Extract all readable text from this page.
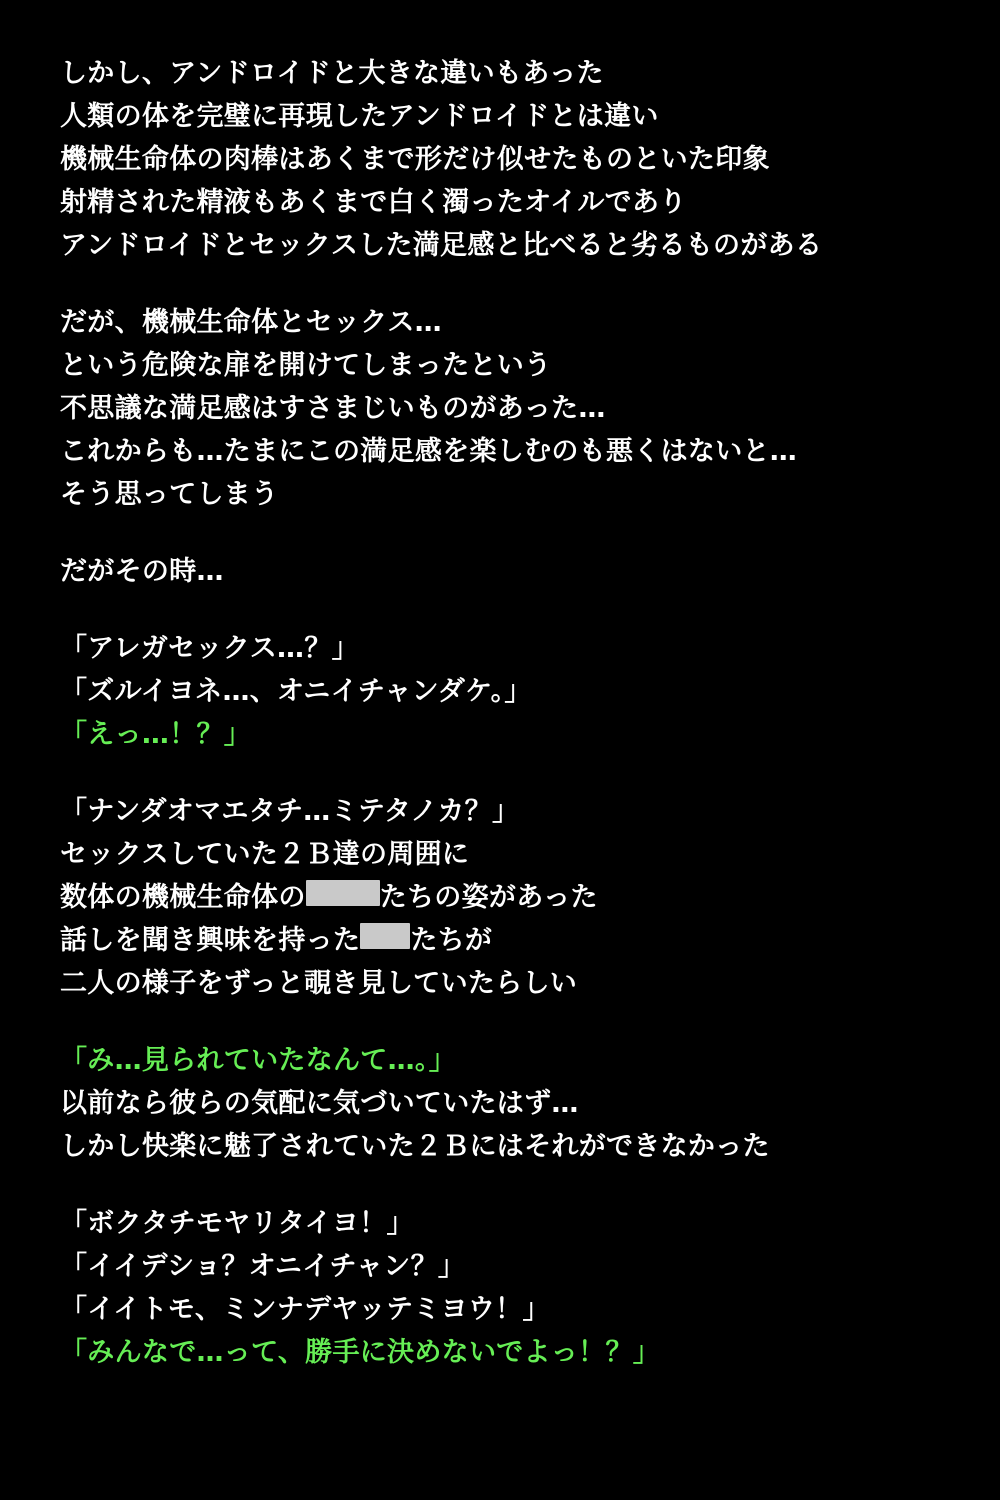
しかし、アンドロイドと大きな違いもあった
人類の体を完璧に再現したアンドロイドとは違い
機械生命体の肉棒はあくまで形だけ似せたものといた印象
射精された精液もあくまで白く濁ったオイルであり
アンドロイドとセックスした満足感と比べると劣るものがある
だが、機械生命体とセックス…
という危険な扉を開けてしまったという
不思議な満足感はすさまじいものがあった…
これからも…たまにこの満足感を楽しむのも悪くはないと…
そう思ってしまう
だがその時…
「アレガセックス…？」
「ズルイヨネ…、オニイチャンダケ。」
「えっ…！？」
「ナンダオマエタチ…ミテタノカ？」
セックスしていた２Ｂ達の周囲に
数体の機械生命体の	たちの姿があった
話しを聞き興味を持った たちが
二人の様子をずっと覗き見していたらしい
「み…見られていたなんて…。」
以前なら彼らの気配に気づいていたはず…
しかし快楽に魅了されていた２Ｂにはそれができなかった
「ボクタチモヤリタイヨ！」
「イイデショ？オニイチャン？」
「イイトモ、ミンナデヤッテミヨウ！」
「みんなで…って、勝手に決めないでよっ！？」
